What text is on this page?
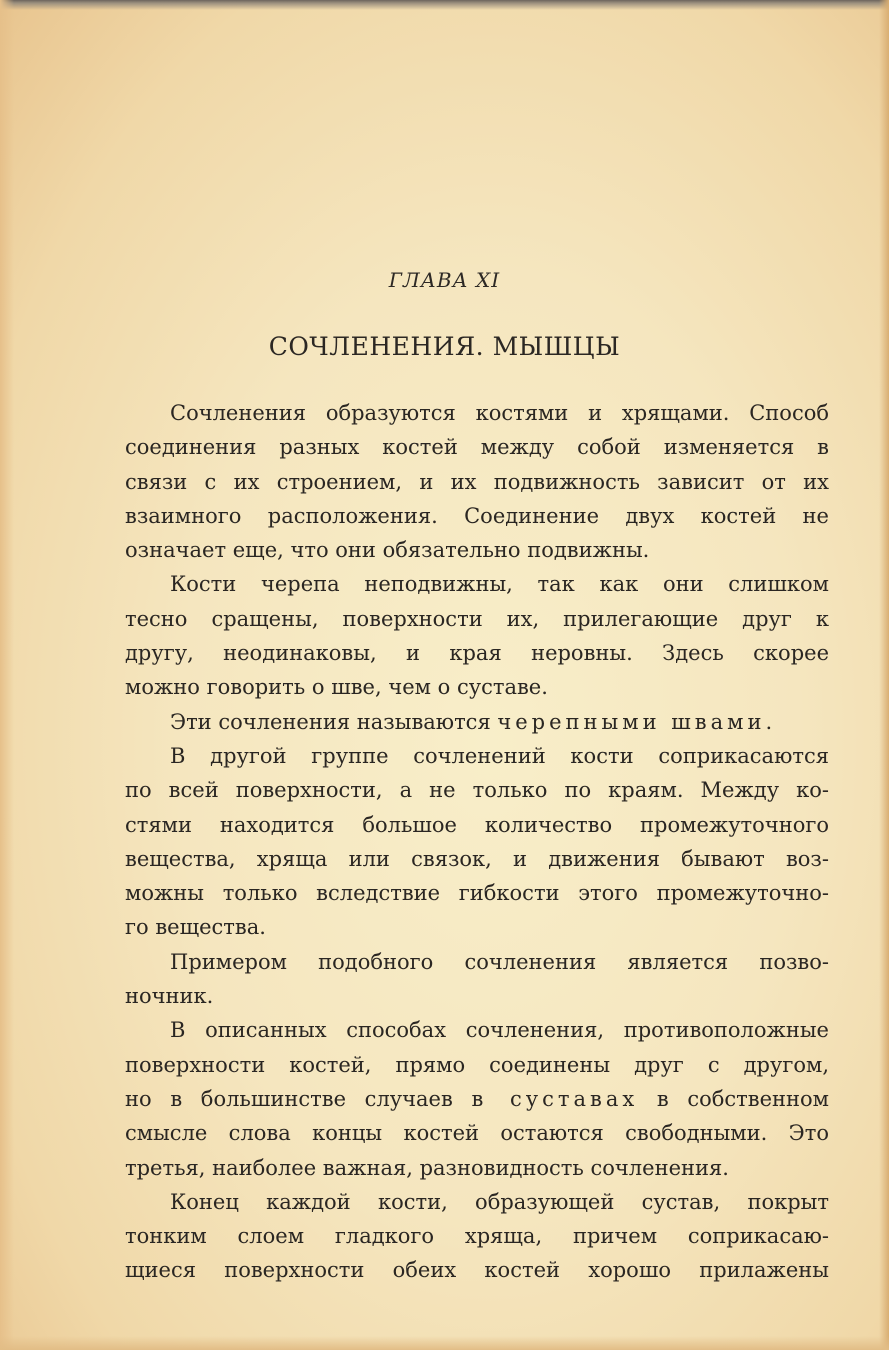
ГЛАВА XI
СОЧЛЕНЕНИЯ. МЫШЦЫ
Сочленения образуются костями и хрящами. Способ
соединения разных костей между собой изменяется в
связи с их строением, и их подвижность зависит от их
взаимного расположения. Соединение двух костей не
означает еще, что они обязательно подвижны.
Кости черепа неподвижны, так как они слишком
тесно сращены, поверхности их, прилегающие друг к
другу, неодинаковы, и края неровны. Здесь скорее
можно говорить о шве, чем о суставе.
Эти сочленения называются черепными швами.
В другой группе сочленений кости соприкасаются
по всей поверхности, а не только по краям. Между ко-
стями находится большое количество промежуточного
вещества, хряща или связок, и движения бывают воз-
можны только вследствие гибкости этого промежуточно-
го вещества.
Примером подобного сочленения является позво-
ночник.
В описанных способах сочленения, противоположные
поверхности костей, прямо соединены друг с другом,
но в большинстве случаев в суставах в собственном
смысле слова концы костей остаются свободными. Это
третья, наиболее важная, разновидность сочленения.
Конец каждой кости, образующей сустав, покрыт
тонким слоем гладкого хряща, причем соприкасаю-
щиеся поверхности обеих костей хорошо прилажены
